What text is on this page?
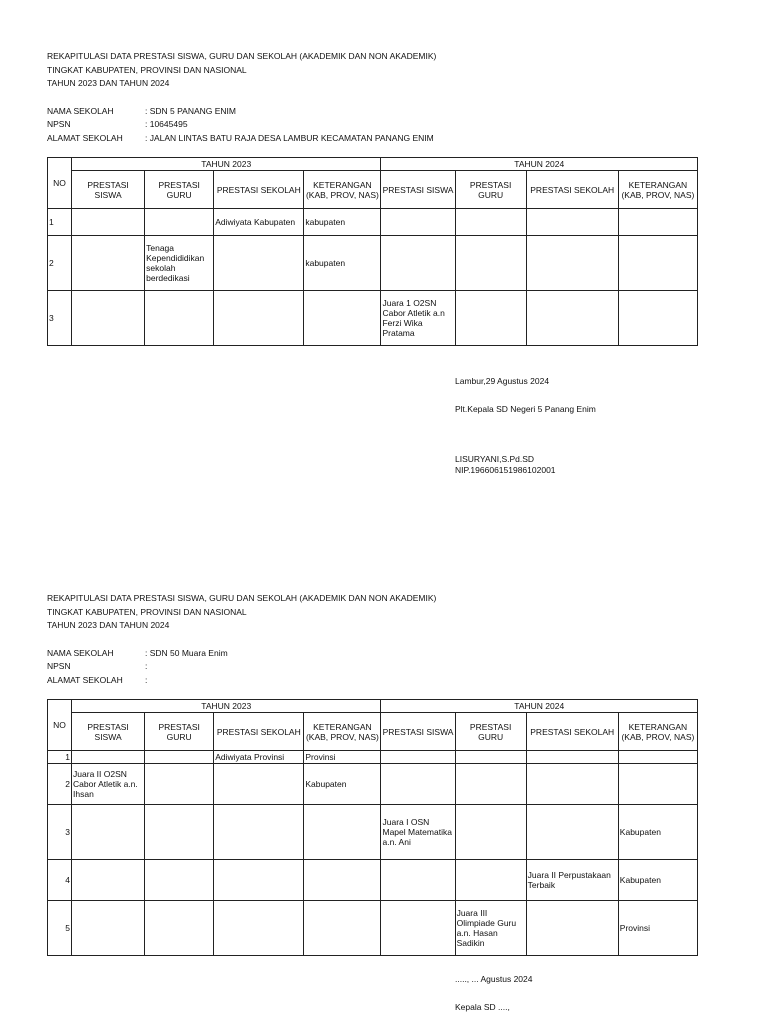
REKAPITULASI DATA PRESTASI SISWA, GURU DAN SEKOLAH (AKADEMIK DAN NON AKADEMIK)
TINGKAT KABUPATEN, PROVINSI DAN NASIONAL
TAHUN 2023 DAN TAHUN 2024
NAMA SEKOLAH	: SDN 5 PANANG ENIM
NPSN	: 10645495
ALAMAT SEKOLAH	: JALAN LINTAS BATU RAJA DESA LAMBUR KECAMATAN PANANG ENIM
NO	TAHUN 2023				TAHUN 2024			
	PRESTASI SISWA	PRESTASI GURU	PRESTASI SEKOLAH	KETERANGAN (KAB, PROV, NAS)	PRESTASI SISWA	PRESTASI GURU	PRESTASI SEKOLAH	KETERANGAN (KAB, PROV, NAS)
1			Adiwiyata Kabupaten	kabupaten				
2		Tenaga Kependididikan sekolah berdedikasi		kabupaten				
3					Juara 1 O2SN Cabor Atletik a.n Ferzi Wika Pratama			
Lambur,29 Agustus 2024
Plt.Kepala SD Negeri 5 Panang Enim
LISURYANI,S.Pd.SD
NIP.196606151986102001
REKAPITULASI DATA PRESTASI SISWA, GURU DAN SEKOLAH (AKADEMIK DAN NON AKADEMIK)
TINGKAT KABUPATEN, PROVINSI DAN NASIONAL
TAHUN 2023 DAN TAHUN 2024
NAMA SEKOLAH	: SDN 50 Muara Enim
NPSN	:
ALAMAT SEKOLAH	:
NO	TAHUN 2023				TAHUN 2024			
	PRESTASI SISWA	PRESTASI GURU	PRESTASI SEKOLAH	KETERANGAN (KAB, PROV, NAS)	PRESTASI SISWA	PRESTASI GURU	PRESTASI SEKOLAH	KETERANGAN (KAB, PROV, NAS)
1			Adiwiyata Provinsi	Provinsi				
2	Juara II O2SN Cabor Atletik a.n. Ihsan			Kabupaten				
3					Juara I OSN Mapel Matematika a.n. Ani			Kabupaten
4							Juara II Perpustakaan Terbaik	Kabupaten
5						Juara III Olimpiade Guru a.n. Hasan Sadikin		Provinsi
....., ... Agustus 2024
Kepala SD ....,
